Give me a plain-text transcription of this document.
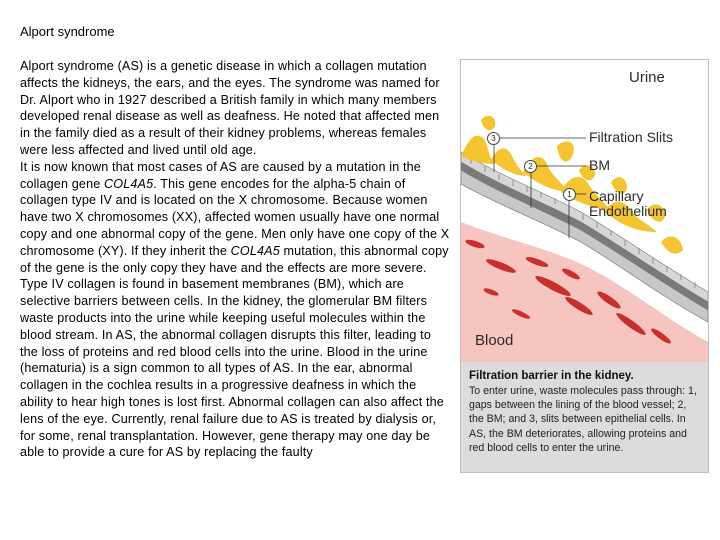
Alport syndrome

Alport syndrome (AS) is a genetic disease in which a collagen mutation affects the kidneys, the ears, and the eyes. The syndrome was named for Dr. Alport who in 1927 described a British family in which many members developed renal disease as well as deafness. He noted that affected men in the family died as a result of their kidney problems, whereas females were less affected and lived until old age.

It is now known that most cases of AS are caused by a mutation in the collagen gene COL4A5. This gene encodes for the alpha-5 chain of collagen type IV and is located on the X chromosome. Because women have two X chromosomes (XX), affected women usually have one normal copy and one abnormal copy of the gene. Men only have one copy of the X chromosome (XY). If they inherit the COL4A5 mutation, this abnormal copy of the gene is the only copy they have and the effects are more severe.

Type IV collagen is found in basement membranes (BM), which are selective barriers between cells. In the kidney, the glomerular BM filters waste products into the urine while keeping useful molecules within the blood stream. In AS, the abnormal collagen disrupts this filter, leading to the loss of proteins and red blood cells into the urine. Blood in the urine (hematuria) is a sign common to all types of AS. In the ear, abnormal collagen in the cochlea results in a progressive deafness in which the ability to hear high tones is lost first. Abnormal collagen can also affect the lens of the eye. Currently, renal failure due to AS is treated by dialysis or, for some, renal transplantation. However, gene therapy may one day be able to provide a cure for AS by replacing the faulty

Urine
Filtration Slits
BM
Capillary
Endothelium
Blood
3
2
1
Filtration barrier in the kidney.
To enter urine, waste molecules pass through: 1, gaps between the lining of the blood vessel; 2, the BM; and 3, slits between epithelial cells. In AS, the BM deteriorates, allowing proteins and red blood cells to enter the urine.
